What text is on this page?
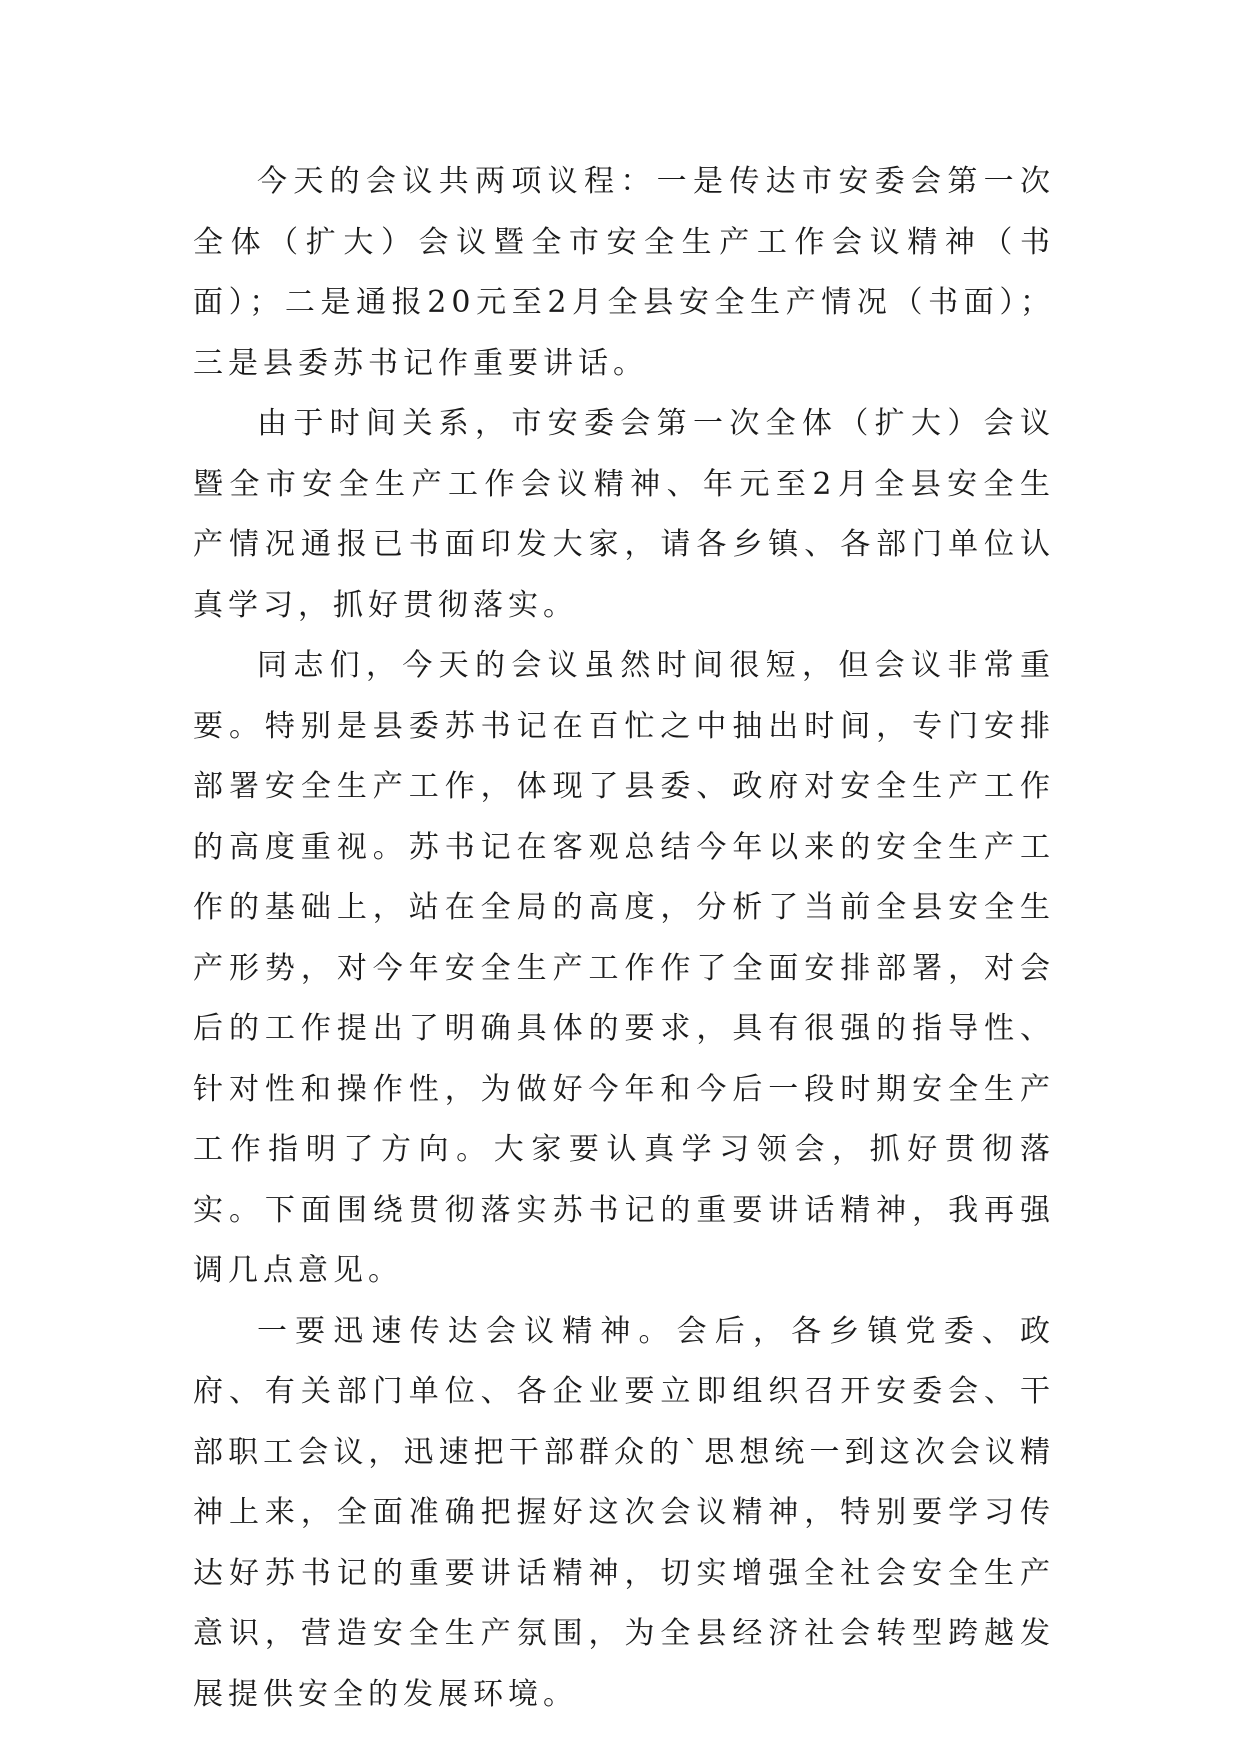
今天的会议共两项议程：一是传达市安委会第一次全体（扩大）会议暨全市安全生产工作会议精神（书面）；二是通报20元至2月全县安全生产情况（书面）；三是县委苏书记作重要讲话。

由于时间关系，市安委会第一次全体（扩大）会议暨全市安全生产工作会议精神、年元至2月全县安全生产情况通报已书面印发大家，请各乡镇、各部门单位认真学习，抓好贯彻落实。

同志们，今天的会议虽然时间很短，但会议非常重要。特别是县委苏书记在百忙之中抽出时间，专门安排部署安全生产工作，体现了县委、政府对安全生产工作的高度重视。苏书记在客观总结今年以来的安全生产工作的基础上，站在全局的高度，分析了当前全县安全生产形势，对今年安全生产工作作了全面安排部署，对会后的工作提出了明确具体的要求，具有很强的指导性、针对性和操作性，为做好今年和今后一段时期安全生产工作指明了方向。大家要认真学习领会，抓好贯彻落实。下面围绕贯彻落实苏书记的重要讲话精神，我再强调几点意见。

一要迅速传达会议精神。会后，各乡镇党委、政府、有关部门单位、各企业要立即组织召开安委会、干部职工会议，迅速把干部群众的`思想统一到这次会议精神上来，全面准确把握好这次会议精神，特别要学习传达好苏书记的重要讲话精神，切实增强全社会安全生产意识，营造安全生产氛围，为全县经济社会转型跨越发展提供安全的发展环境。
